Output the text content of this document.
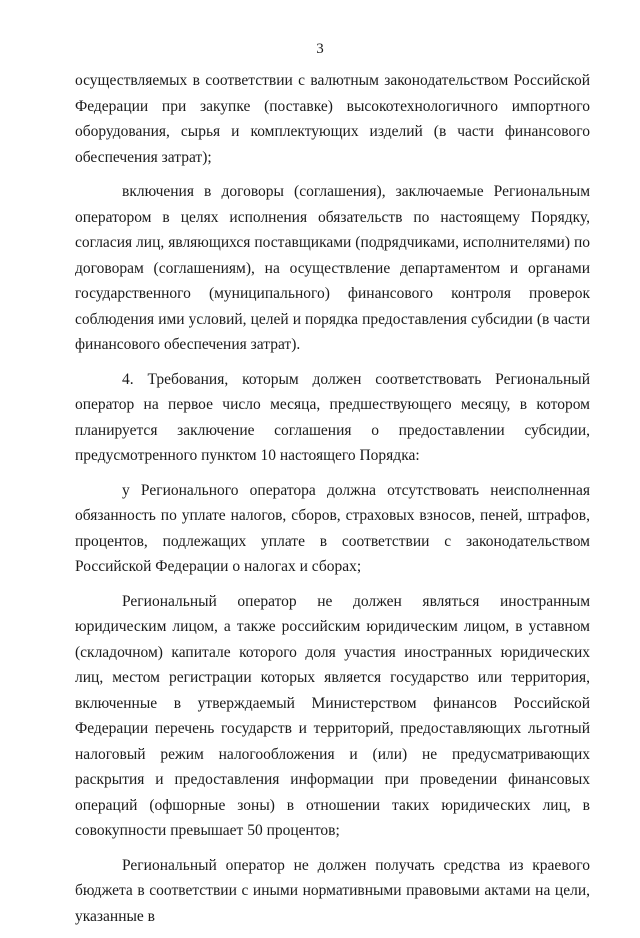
3

осуществляемых в соответствии с валютным законодательством Российской Федерации при закупке (поставке) высокотехнологичного импортного оборудования, сырья и комплектующих изделий (в части финансового обеспечения затрат);

включения в договоры (соглашения), заключаемые Региональным оператором в целях исполнения обязательств по настоящему Порядку, согласия лиц, являющихся поставщиками (подрядчиками, исполнителями) по договорам (соглашениям), на осуществление департаментом и органами государственного (муниципального) финансового контроля проверок соблюдения ими условий, целей и порядка предоставления субсидии (в части финансового обеспечения затрат).

4. Требования, которым должен соответствовать Региональный оператор на первое число месяца, предшествующего месяцу, в котором планируется заключение соглашения о предоставлении субсидии, предусмотренного пунктом 10 настоящего Порядка:

у Регионального оператора должна отсутствовать неисполненная обязанность по уплате налогов, сборов, страховых взносов, пеней, штрафов, процентов, подлежащих уплате в соответствии с законодательством Российской Федерации о налогах и сборах;

Региональный оператор не должен являться иностранным юридическим лицом, а также российским юридическим лицом, в уставном (складочном) капитале которого доля участия иностранных юридических лиц, местом регистрации которых является государство или территория, включенные в утверждаемый Министерством финансов Российской Федерации перечень государств и территорий, предоставляющих льготный налоговый режим налогообложения и (или) не предусматривающих раскрытия и предоставления информации при проведении финансовых операций (офшорные зоны) в отношении таких юридических лиц, в совокупности превышает 50 процентов;

Региональный оператор не должен получать средства из краевого бюджета в соответствии с иными нормативными правовыми актами на цели, указанные в
